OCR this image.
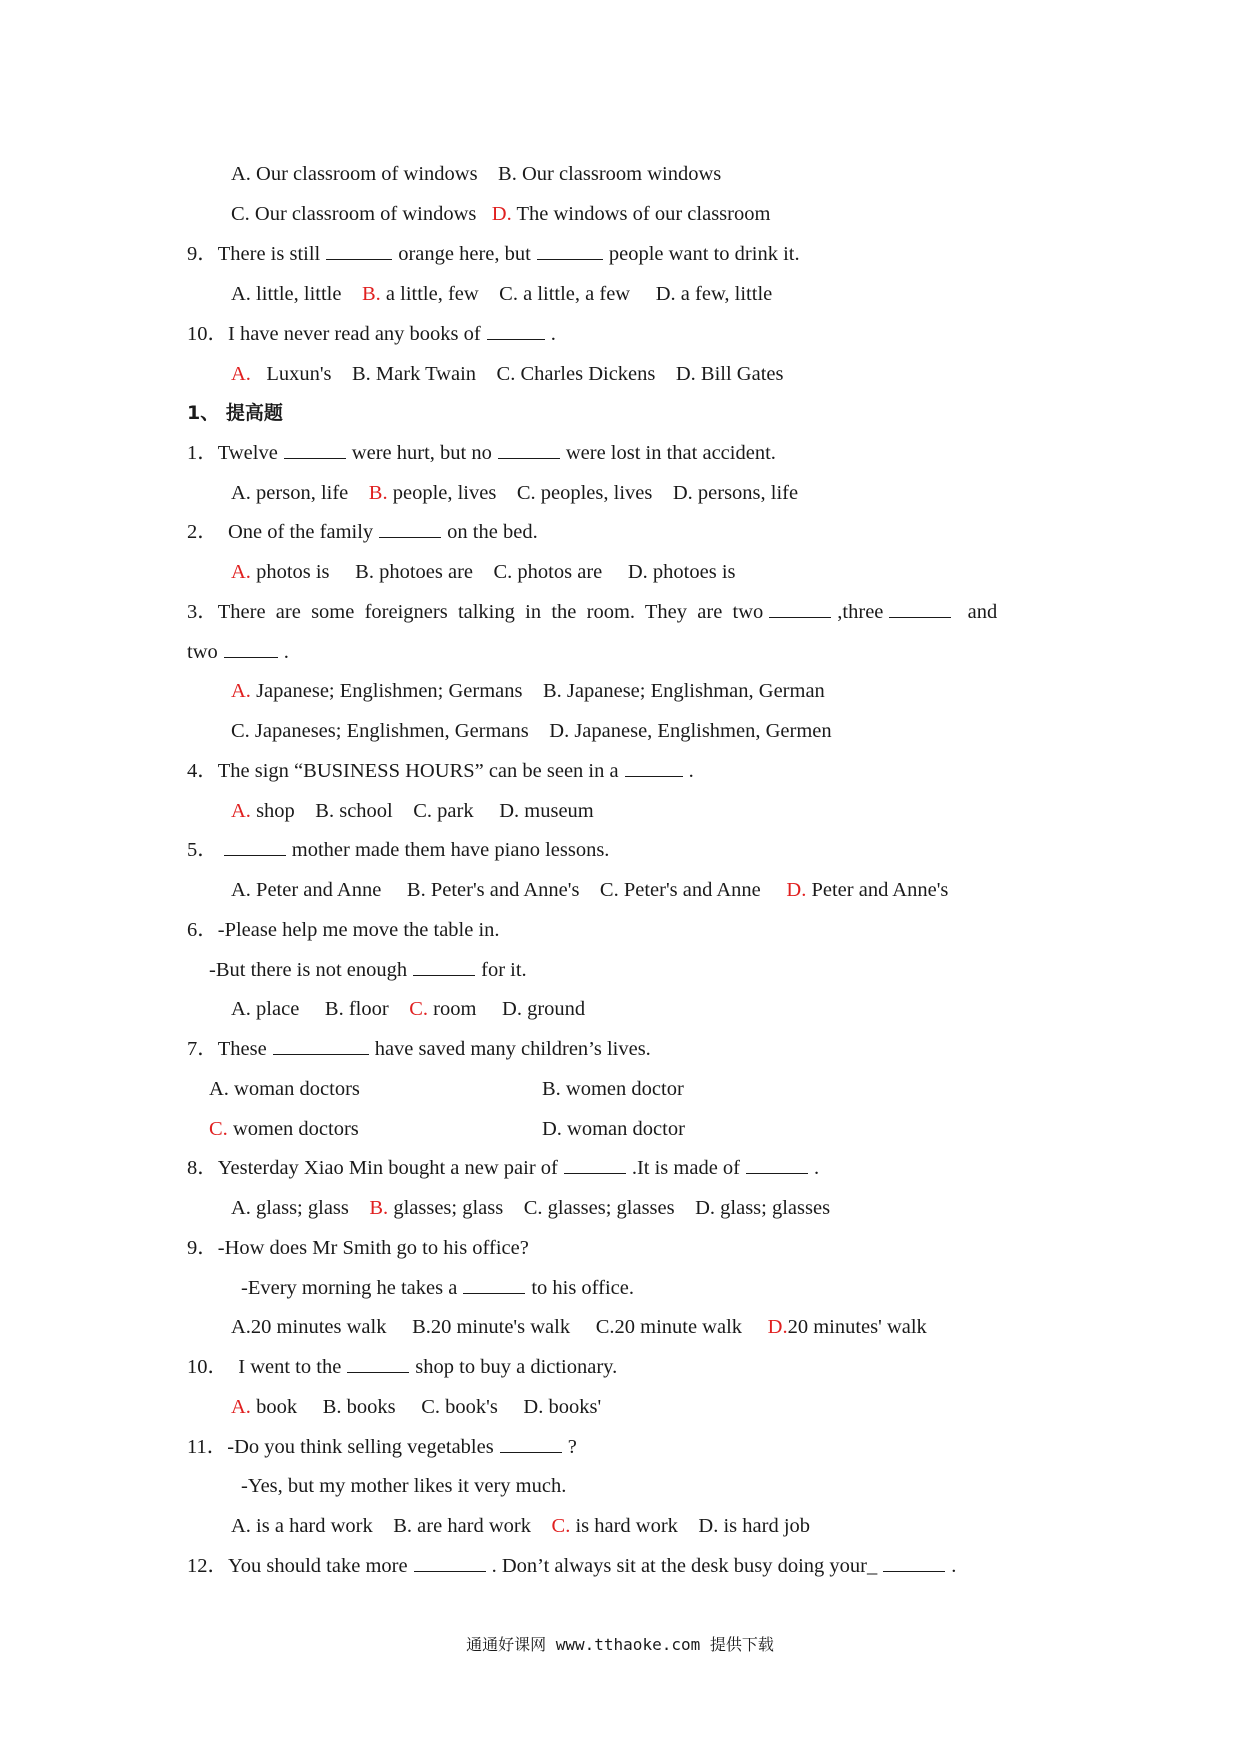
A. Our classroom of windows    B. Our classroom windows
C. Our classroom of windows   D. The windows of our classroom
9．There is still	orange here, but	people want to drink it.
A. little, little    B. a little, few    C. a little, a few     D. a few, little
10．I have never read any books of	.
A.   Luxun's    B. Mark Twain    C. Charles Dickens    D. Bill Gates
1、 提高题
1．Twelve	were hurt, but no	were lost in that accident.
A. person, life    B. people, lives    C. peoples, lives    D. persons, life
2．  One of the family	on the bed.
A. photos is     B. photoes are    C. photos are     D. photoes is
3．There  are  some  foreigners  talking  in  the  room.  They  are  two	,three	and
two	.
A. Japanese; Englishmen; Germans    B. Japanese; Englishman, German
C. Japaneses; Englishmen, Germans    D. Japanese, Englishmen, Germen
4．The sign “BUSINESS HOURS” can be seen in a	.
A. shop    B. school    C. park     D. museum
5．	mother made them have piano lessons.
A. Peter and Anne     B. Peter's and Anne's    C. Peter's and Anne     D. Peter and Anne's
6．-Please help me move the table in.
-But there is not enough	for it.
A. place     B. floor    C. room     D. ground
7．These	have saved many children’s lives.
A. woman doctors	B. women doctor
C. women doctors	D. woman doctor
8．Yesterday Xiao Min bought a new pair of	.It is made of	.
A. glass; glass    B. glasses; glass    C. glasses; glasses    D. glass; glasses
9．-How does Mr Smith go to his office?
-Every morning he takes a	to his office.
A.20 minutes walk     B.20 minute's walk     C.20 minute walk     D.20 minutes' walk
10．  I went to the	shop to buy a dictionary.
A. book     B. books     C. book's     D. books'
11．-Do you think selling vegetables	?
-Yes, but my mother likes it very much.
A. is a hard work    B. are hard work    C. is hard work    D. is hard job
12．You should take more	. Don’t always sit at the desk busy doing your_	.
通通好课网 www.tthaoke.com 提供下载
